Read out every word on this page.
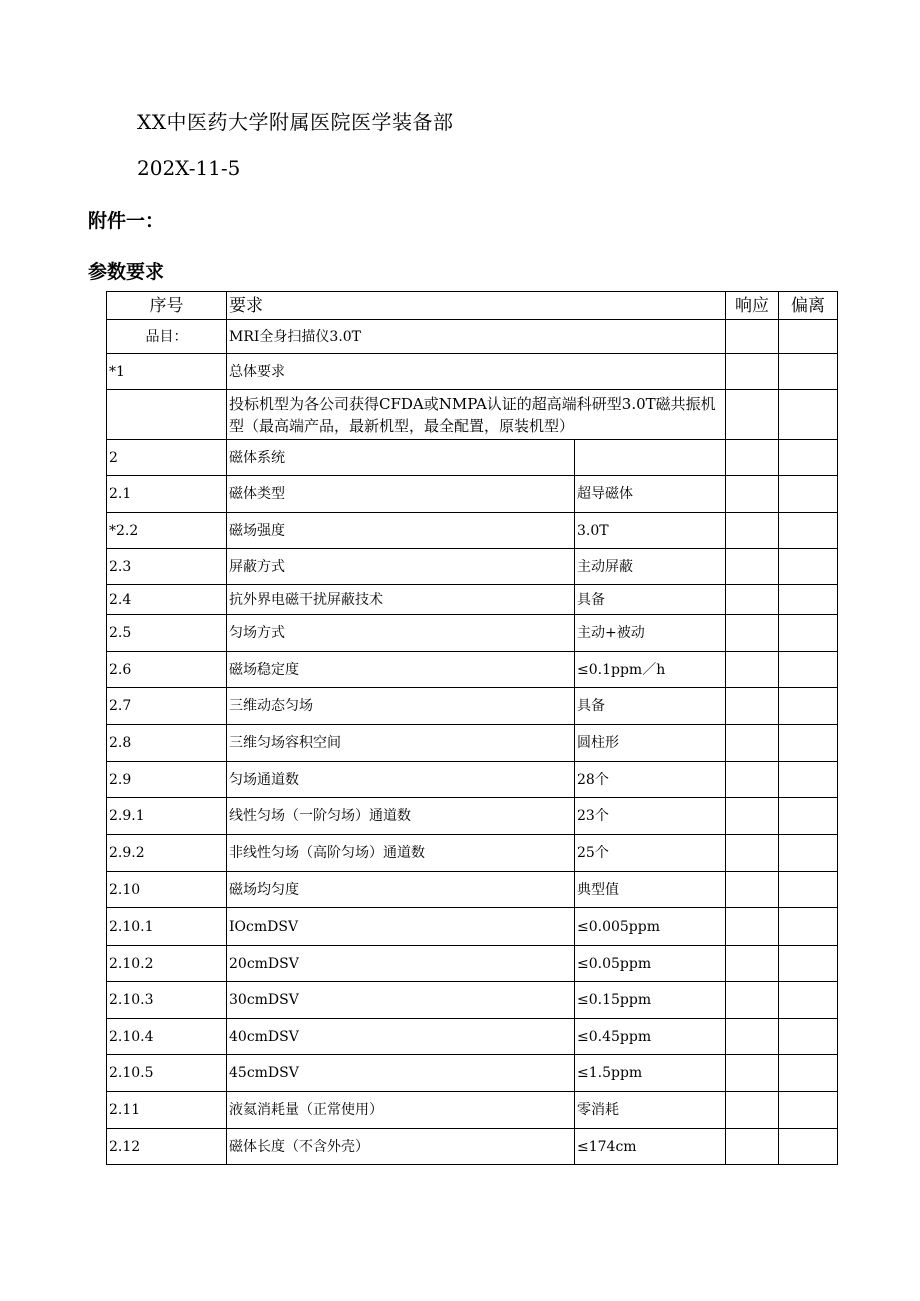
XX中医药大学附属医院医学装备部
202X-11-5
附件一：
参数要求
序号	要求		响应	偏离
品目：	MRI全身扫描仪3.0T			
*1	总体要求			
	投标机型为各公司获得CFDA或NMPA认证的超高端科研型3.0T磁共振机型（最高端产品，最新机型，最全配置，原装机型）			
2	磁体系统			
2.1	磁体类型	超导磁体		
*2.2	磁场强度	3.0T		
2.3	屏蔽方式	主动屏蔽		
2.4	抗外界电磁干扰屏蔽技术	具备		
2.5	匀场方式	主动+被动		
2.6	磁场稳定度	≤0.1ppm／h		
2.7	三维动态匀场	具备		
2.8	三维匀场容积空间	圆柱形		
2.9	匀场通道数	28个		
2.9.1	线性匀场（一阶匀场）通道数	23个		
2.9.2	非线性匀场（高阶匀场）通道数	25个		
2.10	磁场均匀度	典型值		
2.10.1	IOcmDSV	≤0.005ppm		
2.10.2	20cmDSV	≤0.05ppm		
2.10.3	30cmDSV	≤0.15ppm		
2.10.4	40cmDSV	≤0.45ppm		
2.10.5	45cmDSV	≤1.5ppm		
2.11	液氦消耗量（正常使用）	零消耗		
2.12	磁体长度（不含外壳）	≤174cm		
